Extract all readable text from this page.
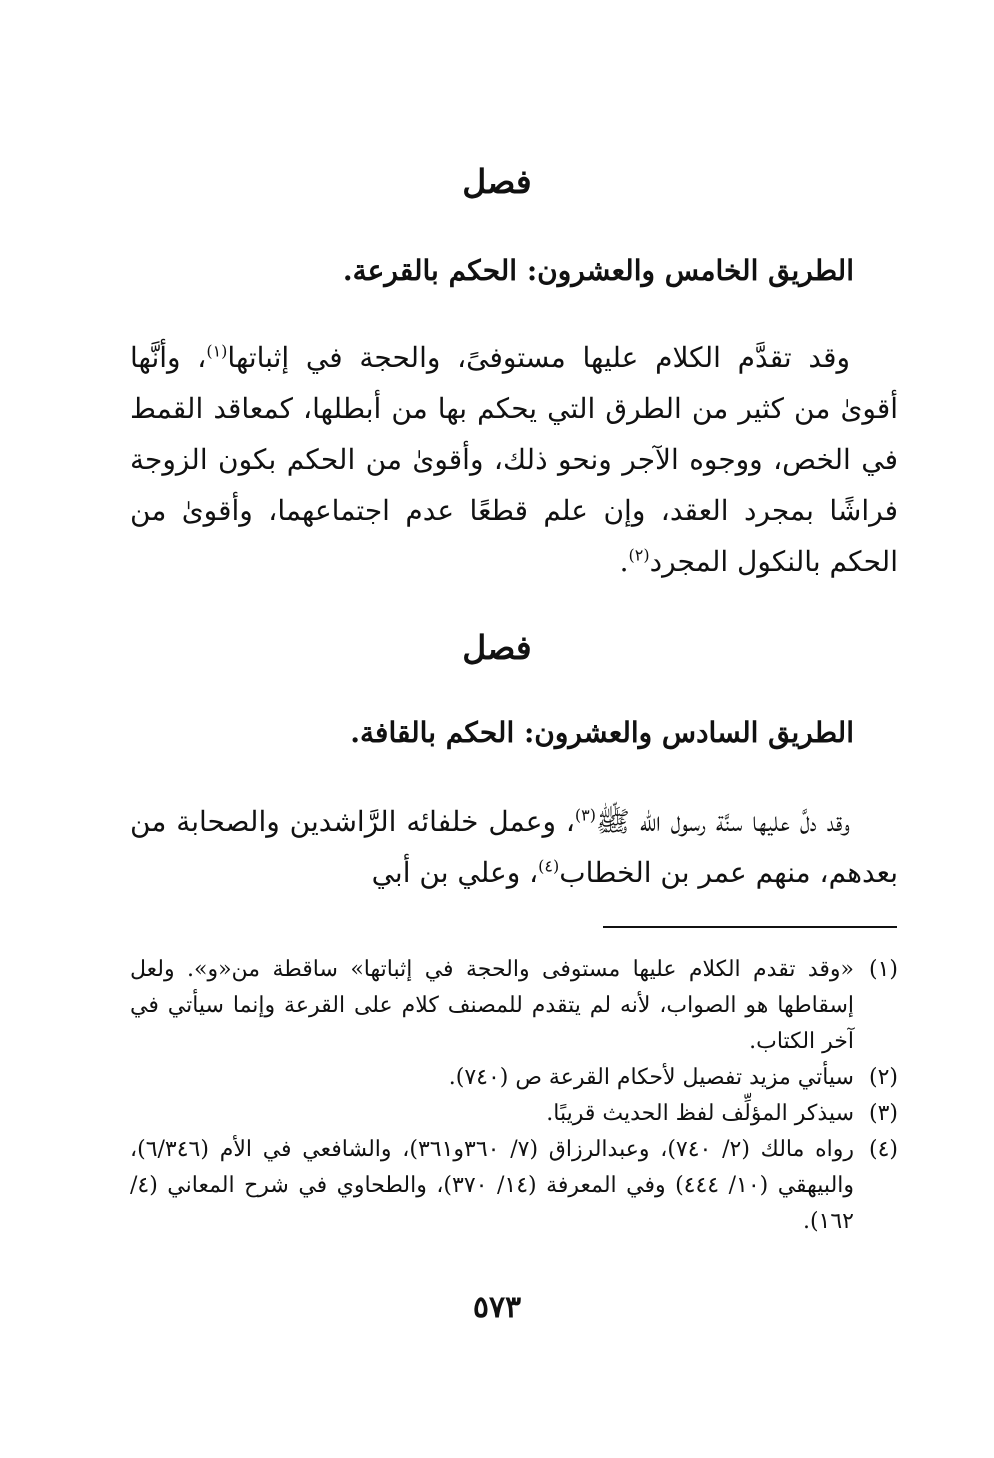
فصل
الطريق الخامس والعشرون: الحكم بالقرعة.

وقد تقدَّم الكلام عليها مستوفىً، والحجة في إثباتها$^{(١)}$، وأنَّها أقوىٰ من كثير من الطرق التي يحكم بها من أبطلها، كمعاقد القمط في الخص، ووجوه الآجر ونحو ذلك، وأقوىٰ من الحكم بكون الزوجة فراشًا بمجرد العقد، وإن علم قطعًا عدم اجتماعهما، وأقوىٰ من الحكم بالنكول المجرد$^{(٢)}$.

فصل
الطريق السادس والعشرون: الحكم بالقافة.

وقد دلَّ عليها سنَّة رسول الله ﷺ$^{(٣)}$، وعمل خلفائه الرَّاشدين والصحابة من بعدهم، منهم عمر بن الخطاب$^{(٤)}$، وعلي بن أبي

(١)
«وقد تقدم الكلام عليها مستوفى والحجة في إثباتها» ساقطة من«و». ولعل إسقاطها هو الصواب، لأنه لم يتقدم للمصنف كلام على القرعة وإنما سيأتي في آخر الكتاب.
(٢)
سيأتي مزيد تفصيل لأحكام القرعة ص (٧٤٠).
(٣)
سيذكر المؤلِّف لفظ الحديث قريبًا.
(٤)
رواه مالك (٢/ ٧٤٠)، وعبدالرزاق (٧/ ٣٦٠و٣٦١)، والشافعي في الأم (٦/٣٤٦)، والبيهقي (١٠/ ٤٤٤) وفي المعرفة (١٤/ ٣٧٠)، والطحاوي في شرح المعاني (٤/ ١٦٢).
٥٧٣
